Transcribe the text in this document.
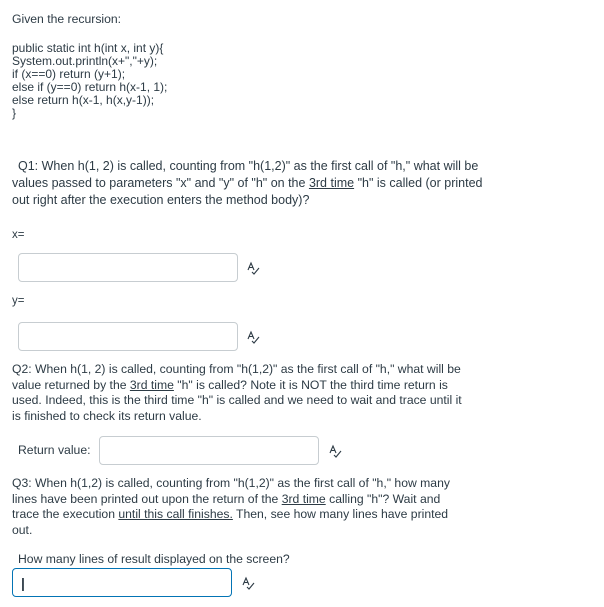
Given the recursion:
public static int h(int x, int y){
System.out.println(x+","+y);
if (x==0) return (y+1);
else if (y==0) return h(x-1, 1);
else return h(x-1, h(x,y-1));
}
Q1: When h(1, 2) is called, counting from "h(1,2)" as the first call of "h," what will be
values passed to parameters "x" and "y" of "h" on the 3rd time "h" is called (or printed
out right after the execution enters the method body)?
x=
y=
Q2: When h(1, 2) is called, counting from "h(1,2)" as the first call of "h," what will be
value returned by the 3rd time "h" is called? Note it is NOT the third time return is
used. Indeed, this is the third time "h" is called and we need to wait and trace until it
is finished to check its return value.
Return value:
Q3: When h(1,2) is called, counting from "h(1,2)" as the first call of "h," how many
lines have been printed out upon the return of the 3rd time calling "h"? Wait and
trace the execution until this call finishes. Then, see how many lines have printed
out.
How many lines of result displayed on the screen?
|
